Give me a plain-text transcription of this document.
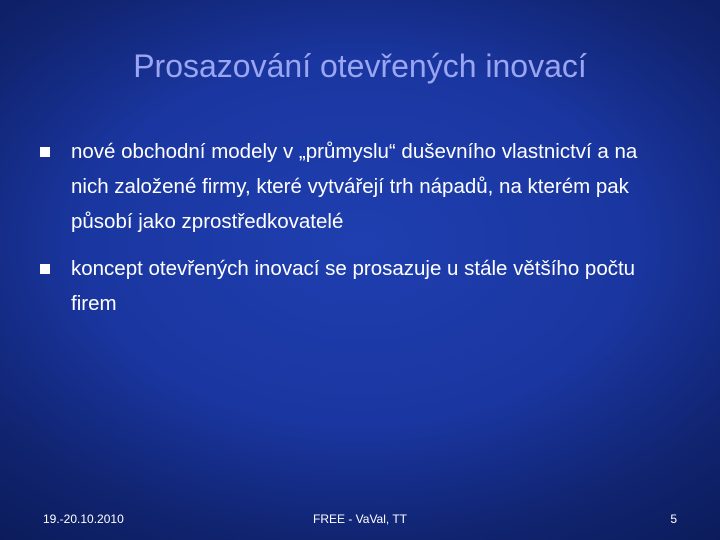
Prosazování otevřených inovací
nové obchodní modely v „průmyslu“ duševního vlastnictví a na nich založené firmy, které vytvářejí trh nápadů, na kterém pak působí jako zprostředkovatelé
koncept otevřených inovací se prosazuje u stále většího počtu firem
19.-20.10.2010	FREE - VaVal, TT	5
